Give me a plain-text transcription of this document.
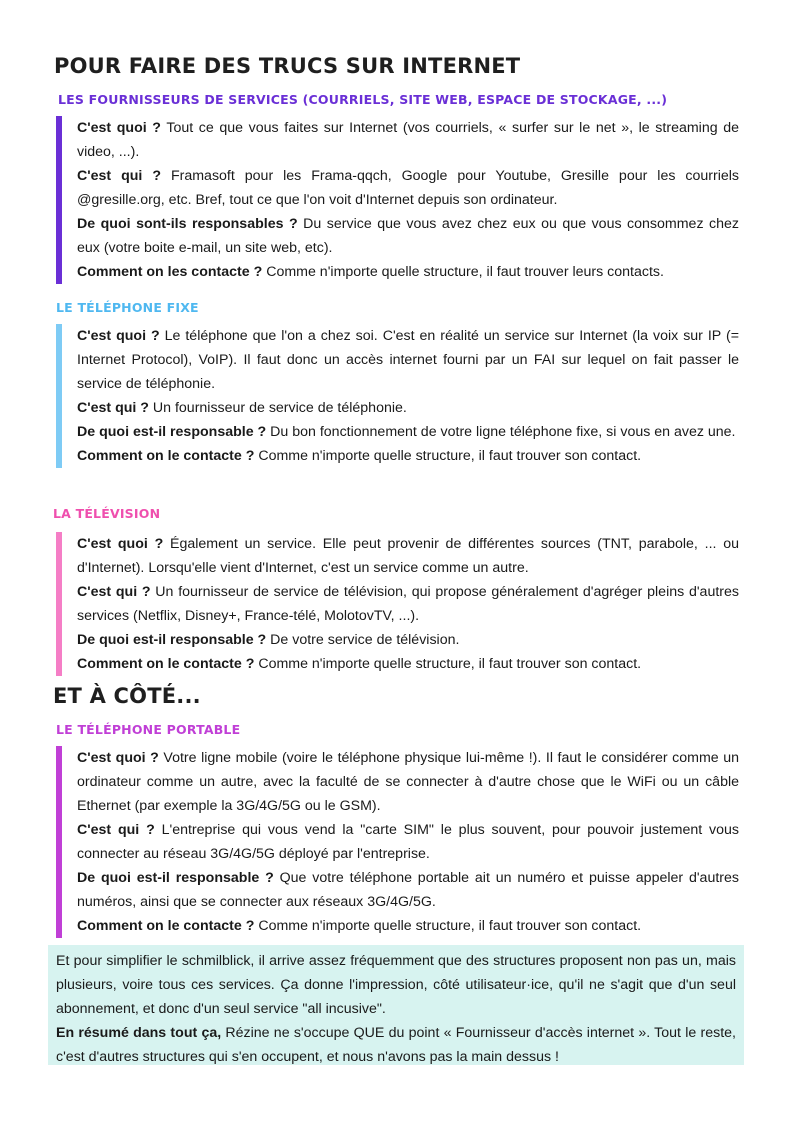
POUR FAIRE DES TRUCS SUR INTERNET
LES FOURNISSEURS DE SERVICES (COURRIELS, SITE WEB, ESPACE DE STOCKAGE, ...)

C'est quoi ? Tout ce que vous faites sur Internet (vos courriels, « surfer sur le net », le streaming de video, ...).

C'est qui ? Framasoft pour les Frama-qqch, Google pour Youtube, Gresille pour les courriels @gresille.org, etc. Bref, tout ce que l'on voit d'Internet depuis son ordinateur.

De quoi sont-ils responsables ? Du service que vous avez chez eux ou que vous consommez chez eux (votre boite e-mail, un site web, etc).

Comment on les contacte ? Comme n'importe quelle structure, il faut trouver leurs contacts.

LE TÉLÉPHONE FIXE

C'est quoi ? Le téléphone que l'on a chez soi. C'est en réalité un service sur Internet (la voix sur IP (= Internet Protocol), VoIP). Il faut donc un accès internet fourni par un FAI sur lequel on fait passer le service de téléphonie.

C'est qui ? Un fournisseur de service de téléphonie.

De quoi est-il responsable ? Du bon fonctionnement de votre ligne téléphone fixe, si vous en avez une.

Comment on le contacte ? Comme n'importe quelle structure, il faut trouver son contact.

LA TÉLÉVISION

C'est quoi ? Également un service. Elle peut provenir de différentes sources (TNT, parabole, ... ou d'Internet). Lorsqu'elle vient d'Internet, c'est un service comme un autre.

C'est qui ? Un fournisseur de service de télévision, qui propose généralement d'agréger pleins d'autres services (Netflix, Disney+, France-télé, MolotovTV, ...).

De quoi est-il responsable ? De votre service de télévision.

Comment on le contacte ? Comme n'importe quelle structure, il faut trouver son contact.

ET À CÔTÉ...
LE TÉLÉPHONE PORTABLE

C'est quoi ? Votre ligne mobile (voire le téléphone physique lui-même !). Il faut le considérer comme un ordinateur comme un autre, avec la faculté de se connecter à d'autre chose que le WiFi ou un câble Ethernet (par exemple la 3G/4G/5G ou le GSM).

C'est qui ? L'entreprise qui vous vend la "carte SIM" le plus souvent, pour pouvoir justement vous connecter au réseau 3G/4G/5G déployé par l'entreprise.

De quoi est-il responsable ? Que votre téléphone portable ait un numéro et puisse appeler d'autres numéros, ainsi que se connecter aux réseaux 3G/4G/5G.

Comment on le contacte ? Comme n'importe quelle structure, il faut trouver son contact.

Et pour simplifier le schmilblick, il arrive assez fréquemment que des structures proposent non pas un, mais plusieurs, voire tous ces services. Ça donne l'impression, côté utilisateur·ice, qu'il ne s'agit que d'un seul abonnement, et donc d'un seul service "all incusive".

En résumé dans tout ça, Rézine ne s'occupe QUE du point « Fournisseur d'accès internet ». Tout le reste, c'est d'autres structures qui s'en occupent, et nous n'avons pas la main dessus !
